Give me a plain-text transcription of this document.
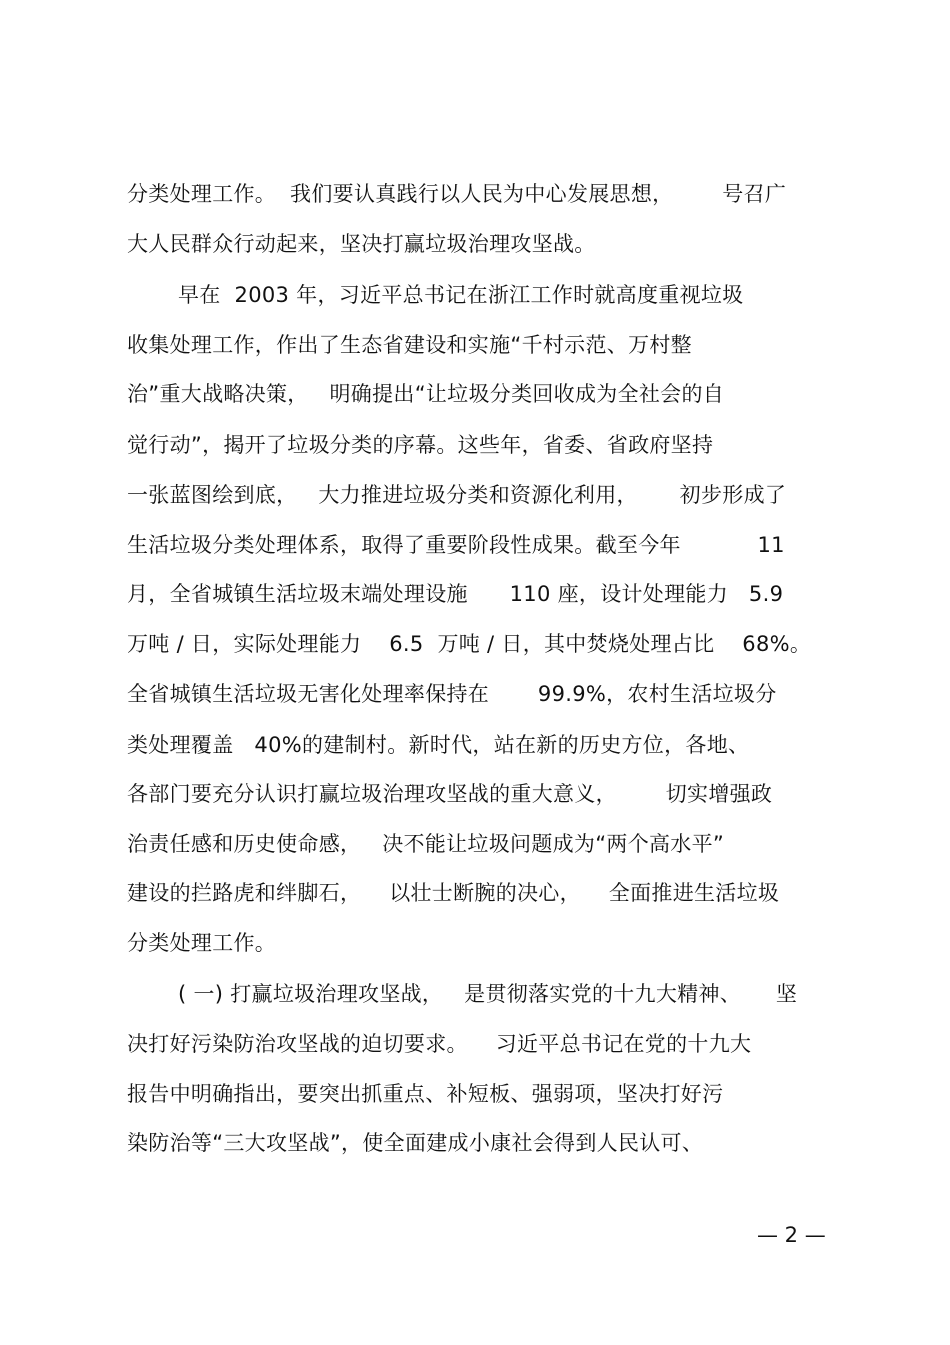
分类处理工作。  我们要认真践行以人民为中心发展思想，       号召广
大人民群众行动起来，坚决打赢垃圾治理攻坚战。
早在  2003 年，习近平总书记在浙江工作时就高度重视垃圾
收集处理工作，作出了生态省建设和实施“千村示范、万村整
治”重大战略决策，   明确提出“让垃圾分类回收成为全社会的自
觉行动”，揭开了垃圾分类的序幕。这些年，省委、省政府坚持
一张蓝图绘到底，   大力推进垃圾分类和资源化利用，      初步形成了
生活垃圾分类处理体系，取得了重要阶段性成果。截至今年           11
月，全省城镇生活垃圾末端处理设施      110 座，设计处理能力   5.9
万吨 / 日，实际处理能力    6.5  万吨 / 日，其中焚烧处理占比    68%。
全省城镇生活垃圾无害化处理率保持在       99.9%，农村生活垃圾分
类处理覆盖   40%的建制村。新时代，站在新的历史方位，各地、
各部门要充分认识打赢垃圾治理攻坚战的重大意义，       切实增强政
治责任感和历史使命感，   决不能让垃圾问题成为“两个高水平”
建设的拦路虎和绊脚石，    以壮士断腕的决心，    全面推进生活垃圾
分类处理工作。
( 一) 打赢垃圾治理攻坚战，   是贯彻落实党的十九大精神、     坚
决打好污染防治攻坚战的迫切要求。    习近平总书记在党的十九大
报告中明确指出，要突出抓重点、补短板、强弱项，坚决打好污
染防治等“三大攻坚战”，使全面建成小康社会得到人民认可、
— 2 —
